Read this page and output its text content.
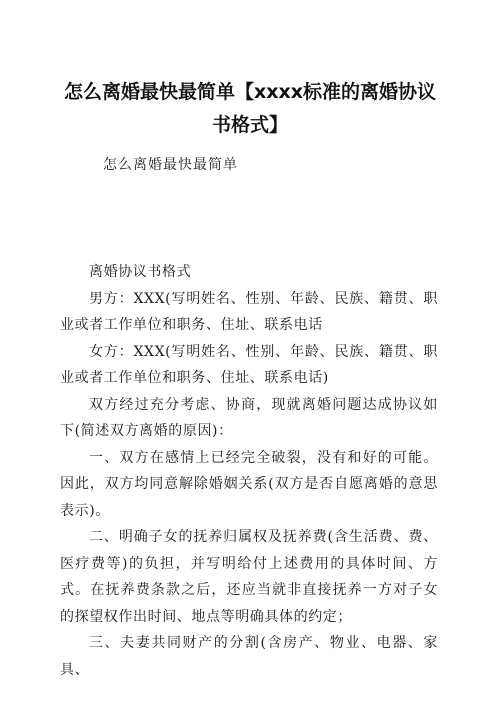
怎么离婚最快最简单【xxxx标准的离婚协议书格式】
怎么离婚最快最简单

离婚协议书格式

男方：XXX(写明姓名、性别、年龄、民族、籍贯、职业或者工作单位和职务、住址、联系电话

女方：XXX(写明姓名、性别、年龄、民族、籍贯、职业或者工作单位和职务、住址、联系电话)

双方经过充分考虑、协商，现就离婚问题达成协议如下(简述双方离婚的原因)：

一、双方在感情上已经完全破裂，没有和好的可能。因此，双方均同意解除婚姻关系(双方是否自愿离婚的意思表示)。

二、明确子女的抚养归属权及抚养费(含生活费、费、医疗费等)的负担，并写明给付上述费用的具体时间、方式。在抚养费条款之后，还应当就非直接抚养一方对子女的探望权作出时间、地点等明确具体的约定；

三、夫妻共同财产的分割(含房产、物业、电器、家具、
